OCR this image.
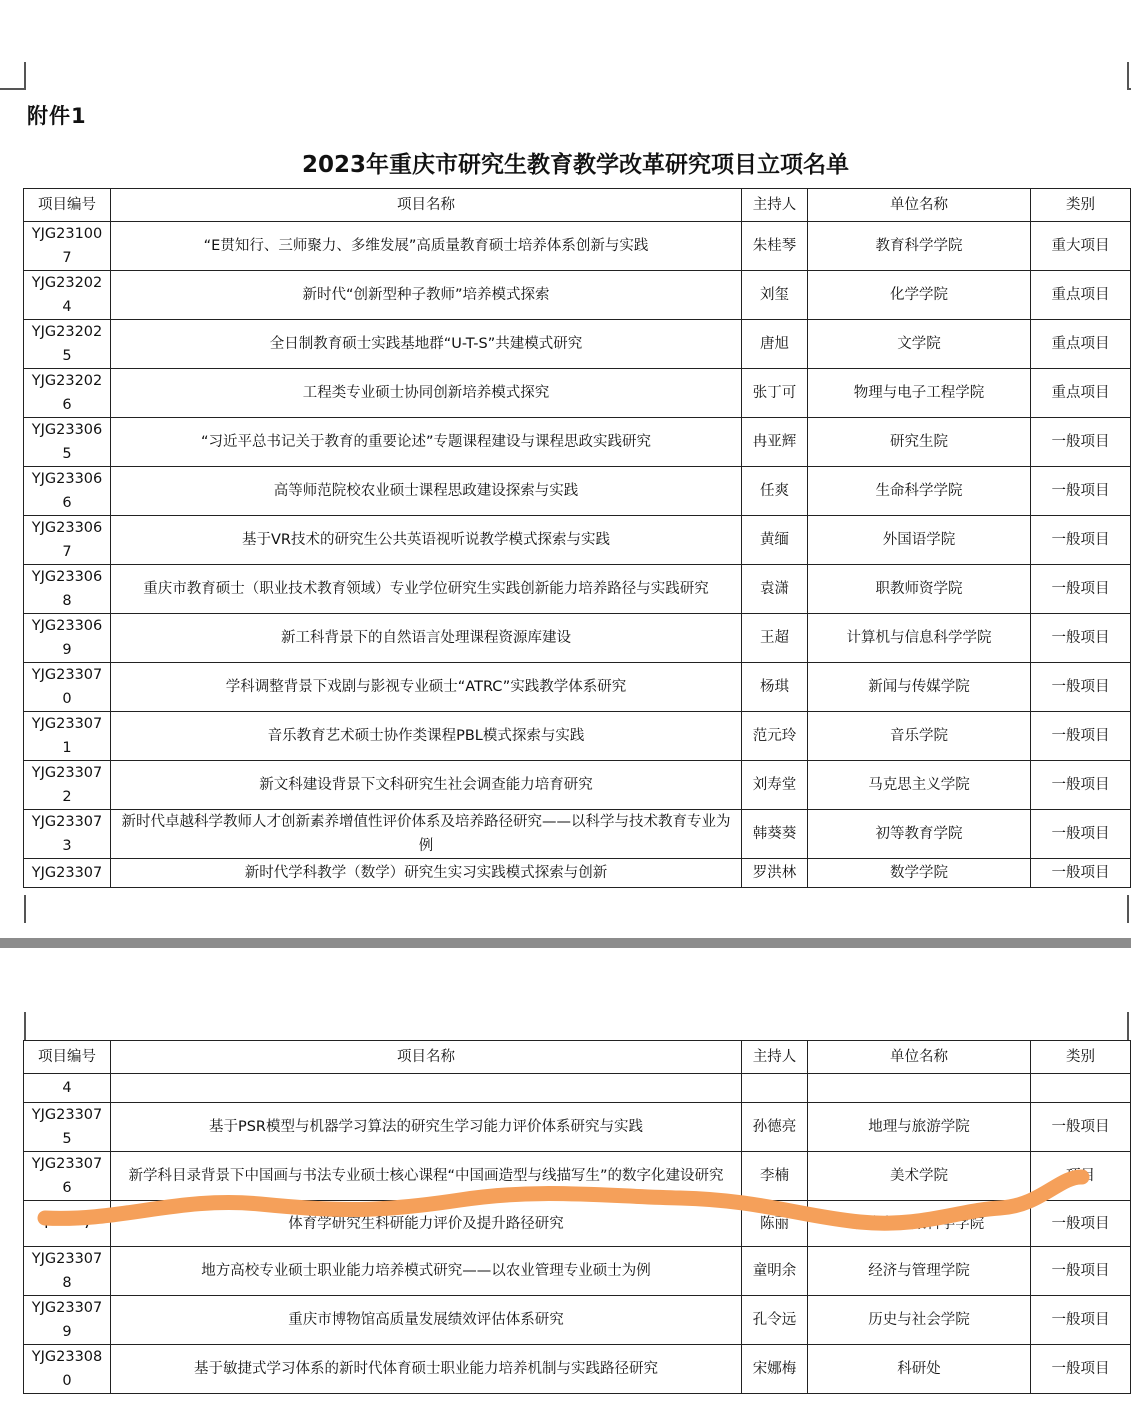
附件1
2023年重庆市研究生教育教学改革研究项目立项名单
项目编号	项目名称	主持人	单位名称	类别
YJG231007	“E贯知行、三师聚力、多维发展”高质量教育硕士培养体系创新与实践	朱桂琴	教育科学学院	重大项目
YJG232024	新时代“创新型种子教师”培养模式探索	刘玺	化学学院	重点项目
YJG232025	全日制教育硕士实践基地群“U-T-S”共建模式研究	唐旭	文学院	重点项目
YJG232026	工程类专业硕士协同创新培养模式探究	张丁可	物理与电子工程学院	重点项目
YJG233065	“习近平总书记关于教育的重要论述”专题课程建设与课程思政实践研究	冉亚辉	研究生院	一般项目
YJG233066	高等师范院校农业硕士课程思政建设探索与实践	任爽	生命科学学院	一般项目
YJG233067	基于VR技术的研究生公共英语视听说教学模式探索与实践	黄缅	外国语学院	一般项目
YJG233068	重庆市教育硕士（职业技术教育领域）专业学位研究生实践创新能力培养路径与实践研究	袁潇	职教师资学院	一般项目
YJG233069	新工科背景下的自然语言处理课程资源库建设	王超	计算机与信息科学学院	一般项目
YJG233070	学科调整背景下戏剧与影视专业硕士“ATRC”实践教学体系研究	杨琪	新闻与传媒学院	一般项目
YJG233071	音乐教育艺术硕士协作类课程PBL模式探索与实践	范元玲	音乐学院	一般项目
YJG233072	新文科建设背景下文科研究生社会调查能力培育研究	刘寿堂	马克思主义学院	一般项目
YJG233073	新时代卓越科学教师人才创新素养增值性评价体系及培养路径研究——以科学与技术教育专业为例	韩葵葵	初等教育学院	一般项目
YJG23307	新时代学科教学（数学）研究生实习实践模式探索与创新	罗洪林	数学学院	一般项目
项目编号	项目名称	主持人	单位名称	类别
4				
YJG233075	基于PSR模型与机器学习算法的研究生学习能力评价体系研究与实践	孙德亮	地理与旅游学院	一般项目
YJG233076	新学科目录背景下中国画与书法专业硕士核心课程“中国画造型与线描写生”的数字化建设研究	李楠	美术学院	项目
Y       7	体育学研究生科研能力评价及提升路径研究	陈丽	体育与健康科学学院	一般项目
YJG233078	地方高校专业硕士职业能力培养模式研究——以农业管理专业硕士为例	童明余	经济与管理学院	一般项目
YJG233079	重庆市博物馆高质量发展绩效评估体系研究	孔令远	历史与社会学院	一般项目
YJG233080	基于敏捷式学习体系的新时代体育硕士职业能力培养机制与实践路径研究	宋娜梅	科研处	一般项目
